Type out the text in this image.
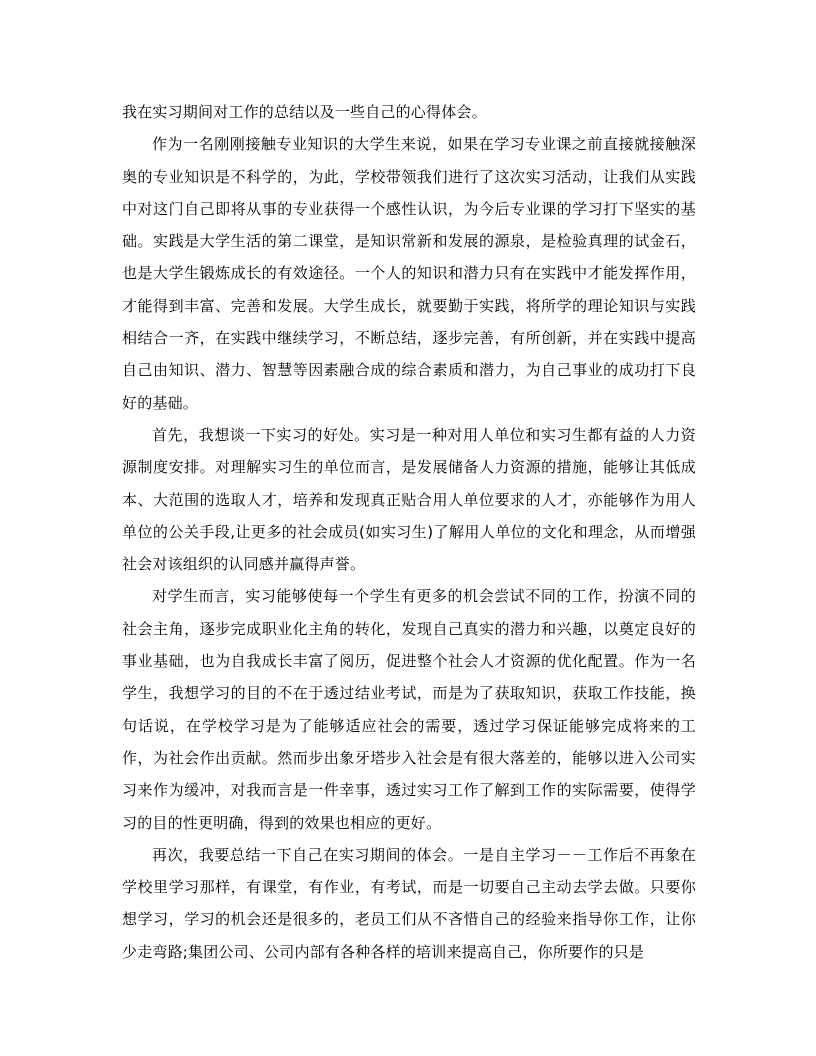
我在实习期间对工作的总结以及一些自己的心得体会。

作为一名刚刚接触专业知识的大学生来说，如果在学习专业课之前直接就接触深奥的专业知识是不科学的，为此，学校带领我们进行了这次实习活动，让我们从实践中对这门自己即将从事的专业获得一个感性认识，为今后专业课的学习打下坚实的基础。实践是大学生活的第二课堂，是知识常新和发展的源泉，是检验真理的试金石，也是大学生锻炼成长的有效途径。一个人的知识和潜力只有在实践中才能发挥作用，才能得到丰富、完善和发展。大学生成长，就要勤于实践，将所学的理论知识与实践相结合一齐，在实践中继续学习，不断总结，逐步完善，有所创新，并在实践中提高自己由知识、潜力、智慧等因素融合成的综合素质和潜力，为自己事业的成功打下良好的基础。

首先，我想谈一下实习的好处。实习是一种对用人单位和实习生都有益的人力资源制度安排。对理解实习生的单位而言，是发展储备人力资源的措施，能够让其低成本、大范围的选取人才，培养和发现真正贴合用人单位要求的人才，亦能够作为用人单位的公关手段,让更多的社会成员(如实习生)了解用人单位的文化和理念，从而增强社会对该组织的认同感并赢得声誉。

对学生而言，实习能够使每一个学生有更多的机会尝试不同的工作，扮演不同的社会主角，逐步完成职业化主角的转化，发现自己真实的潜力和兴趣，以奠定良好的事业基础，也为自我成长丰富了阅历，促进整个社会人才资源的优化配置。作为一名学生，我想学习的目的不在于透过结业考试，而是为了获取知识，获取工作技能，换句话说，在学校学习是为了能够适应社会的需要，透过学习保证能够完成将来的工作，为社会作出贡献。然而步出象牙塔步入社会是有很大落差的，能够以进入公司实习来作为缓冲，对我而言是一件幸事，透过实习工作了解到工作的实际需要，使得学习的目的性更明确，得到的效果也相应的更好。

再次，我要总结一下自己在实习期间的体会。一是自主学习－－工作后不再象在学校里学习那样，有课堂，有作业，有考试，而是一切要自己主动去学去做。只要你想学习，学习的机会还是很多的，老员工们从不吝惜自己的经验来指导你工作，让你少走弯路;集团公司、公司内部有各种各样的培训来提高自己，你所要作的只是
